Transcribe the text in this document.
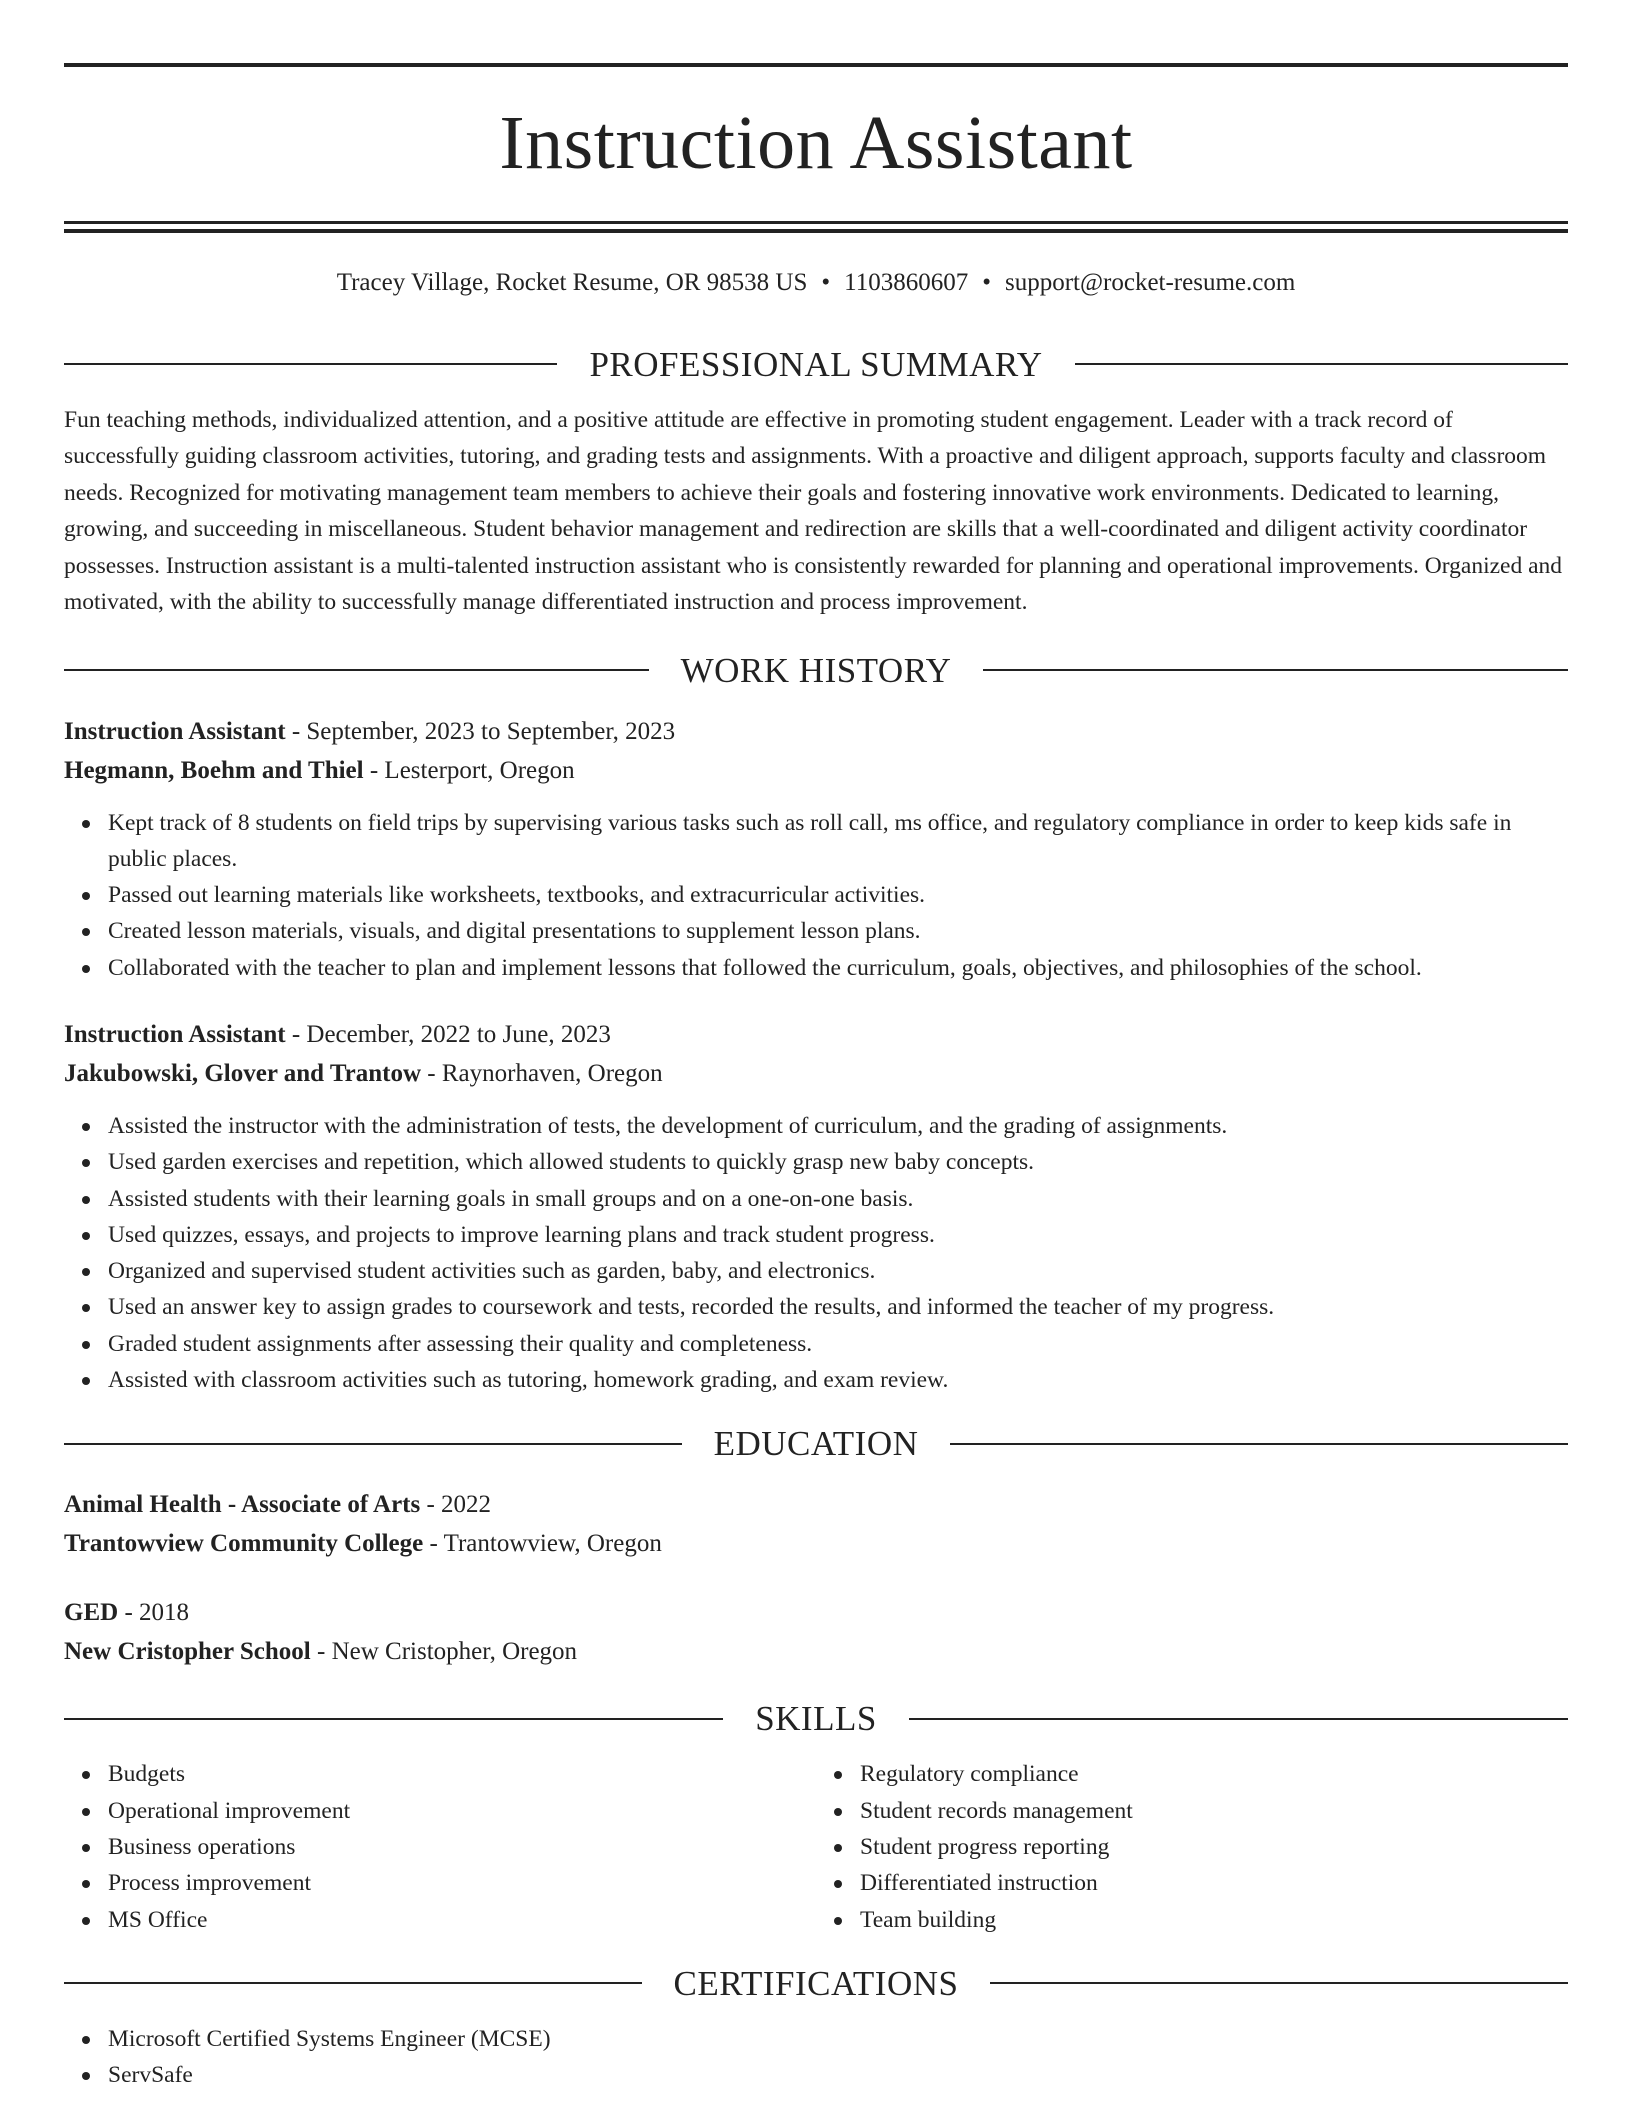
Instruction Assistant
Tracey Village, Rocket Resume, OR 98538 US • 1103860607 • support@rocket-resume.com
PROFESSIONAL SUMMARY

Fun teaching methods, individualized attention, and a positive attitude are effective in promoting student engagement. Leader with a track record of successfully guiding classroom activities, tutoring, and grading tests and assignments. With a proactive and diligent approach, supports faculty and classroom needs. Recognized for motivating management team members to achieve their goals and fostering innovative work environments. Dedicated to learning, growing, and succeeding in miscellaneous. Student behavior management and redirection are skills that a well-coordinated and diligent activity coordinator possesses. Instruction assistant is a multi-talented instruction assistant who is consistently rewarded for planning and operational improvements. Organized and motivated, with the ability to successfully manage differentiated instruction and process improvement.

WORK HISTORY
Instruction Assistant - September, 2023 to September, 2023
Hegmann, Boehm and Thiel - Lesterport, Oregon
Kept track of 8 students on field trips by supervising various tasks such as roll call, ms office, and regulatory compliance in order to keep kids safe in public places.
Passed out learning materials like worksheets, textbooks, and extracurricular activities.
Created lesson materials, visuals, and digital presentations to supplement lesson plans.
Collaborated with the teacher to plan and implement lessons that followed the curriculum, goals, objectives, and philosophies of the school.
Instruction Assistant - December, 2022 to June, 2023
Jakubowski, Glover and Trantow - Raynorhaven, Oregon
Assisted the instructor with the administration of tests, the development of curriculum, and the grading of assignments.
Used garden exercises and repetition, which allowed students to quickly grasp new baby concepts.
Assisted students with their learning goals in small groups and on a one-on-one basis.
Used quizzes, essays, and projects to improve learning plans and track student progress.
Organized and supervised student activities such as garden, baby, and electronics.
Used an answer key to assign grades to coursework and tests, recorded the results, and informed the teacher of my progress.
Graded student assignments after assessing their quality and completeness.
Assisted with classroom activities such as tutoring, homework grading, and exam review.
EDUCATION
Animal Health - Associate of Arts - 2022
Trantowview Community College - Trantowview, Oregon
GED - 2018
New Cristopher School - New Cristopher, Oregon
SKILLS
Budgets
Operational improvement
Business operations
Process improvement
MS Office
Regulatory compliance
Student records management
Student progress reporting
Differentiated instruction
Team building
CERTIFICATIONS
Microsoft Certified Systems Engineer (MCSE)
ServSafe
